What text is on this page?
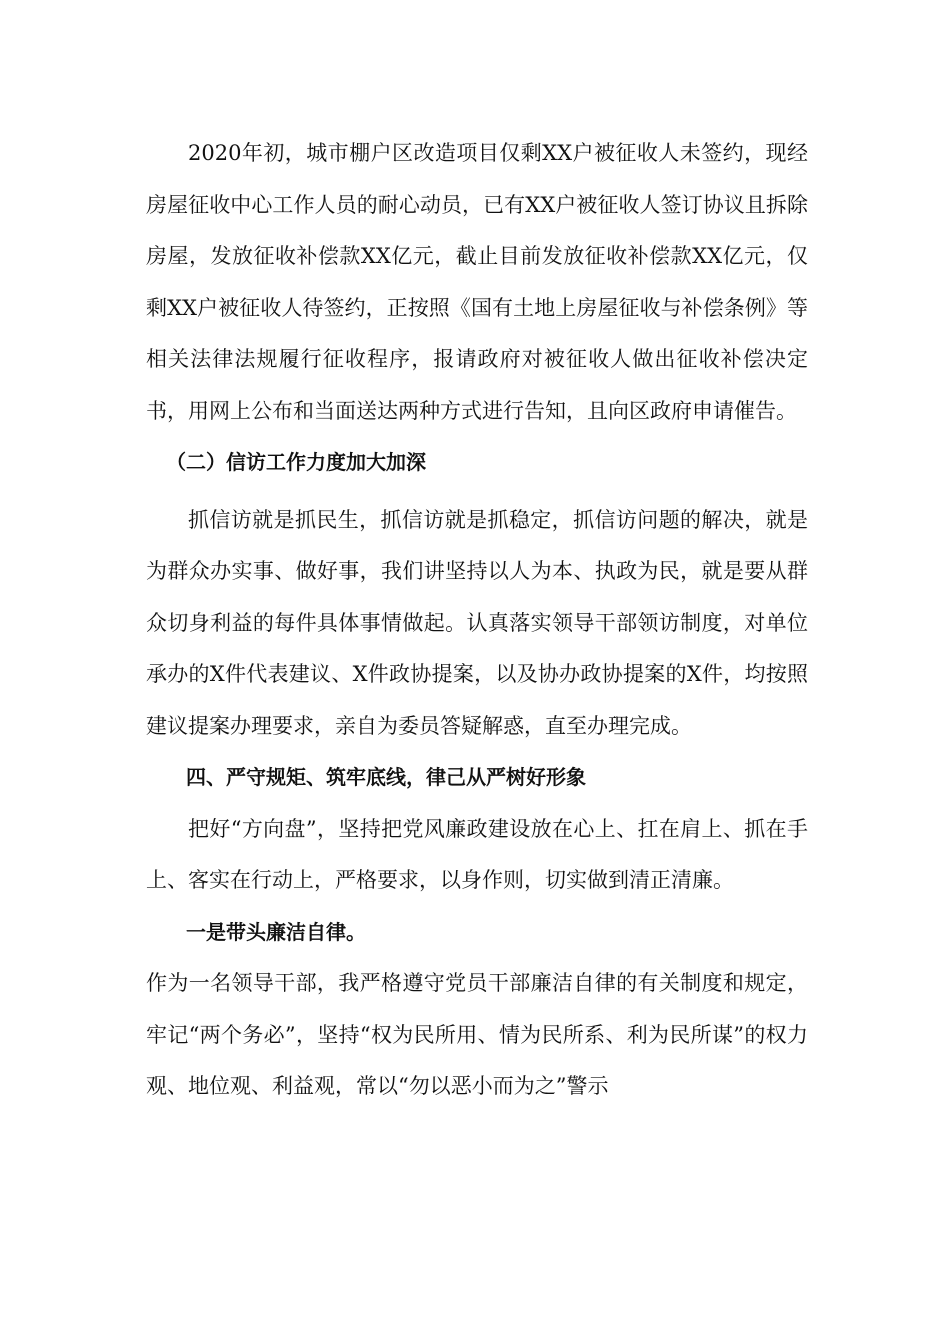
2020年初，城市棚户区改造项目仅剩XX户被征收人未签约，现经房屋征收中心工作人员的耐心动员，已有XX户被征收人签订协议且拆除房屋，发放征收补偿款XX亿元，截止目前发放征收补偿款XX亿元，仅剩XX户被征收人待签约，正按照《国有土地上房屋征收与补偿条例》等相关法律法规履行征收程序，报请政府对被征收人做出征收补偿决定书，用网上公布和当面送达两种方式进行告知，且向区政府申请催告。

（二）信访工作力度加大加深

抓信访就是抓民生，抓信访就是抓稳定，抓信访问题的解决，就是为群众办实事、做好事，我们讲坚持以人为本、执政为民，就是要从群众切身利益的每件具体事情做起。认真落实领导干部领访制度，对单位承办的X件代表建议、X件政协提案，以及协办政协提案的X件，均按照建议提案办理要求，亲自为委员答疑解惑，直至办理完成。

四、严守规矩、筑牢底线，律己从严树好形象

把好“方向盘”，坚持把党风廉政建设放在心上、扛在肩上、抓在手上、客实在行动上，严格要求，以身作则，切实做到清正清廉。

一是带头廉洁自律。

作为一名领导干部，我严格遵守党员干部廉洁自律的有关制度和规定，牢记“两个务必”，坚持“权为民所用、情为民所系、利为民所谋”的权力观、地位观、利益观，常以“勿以恶小而为之”警示
